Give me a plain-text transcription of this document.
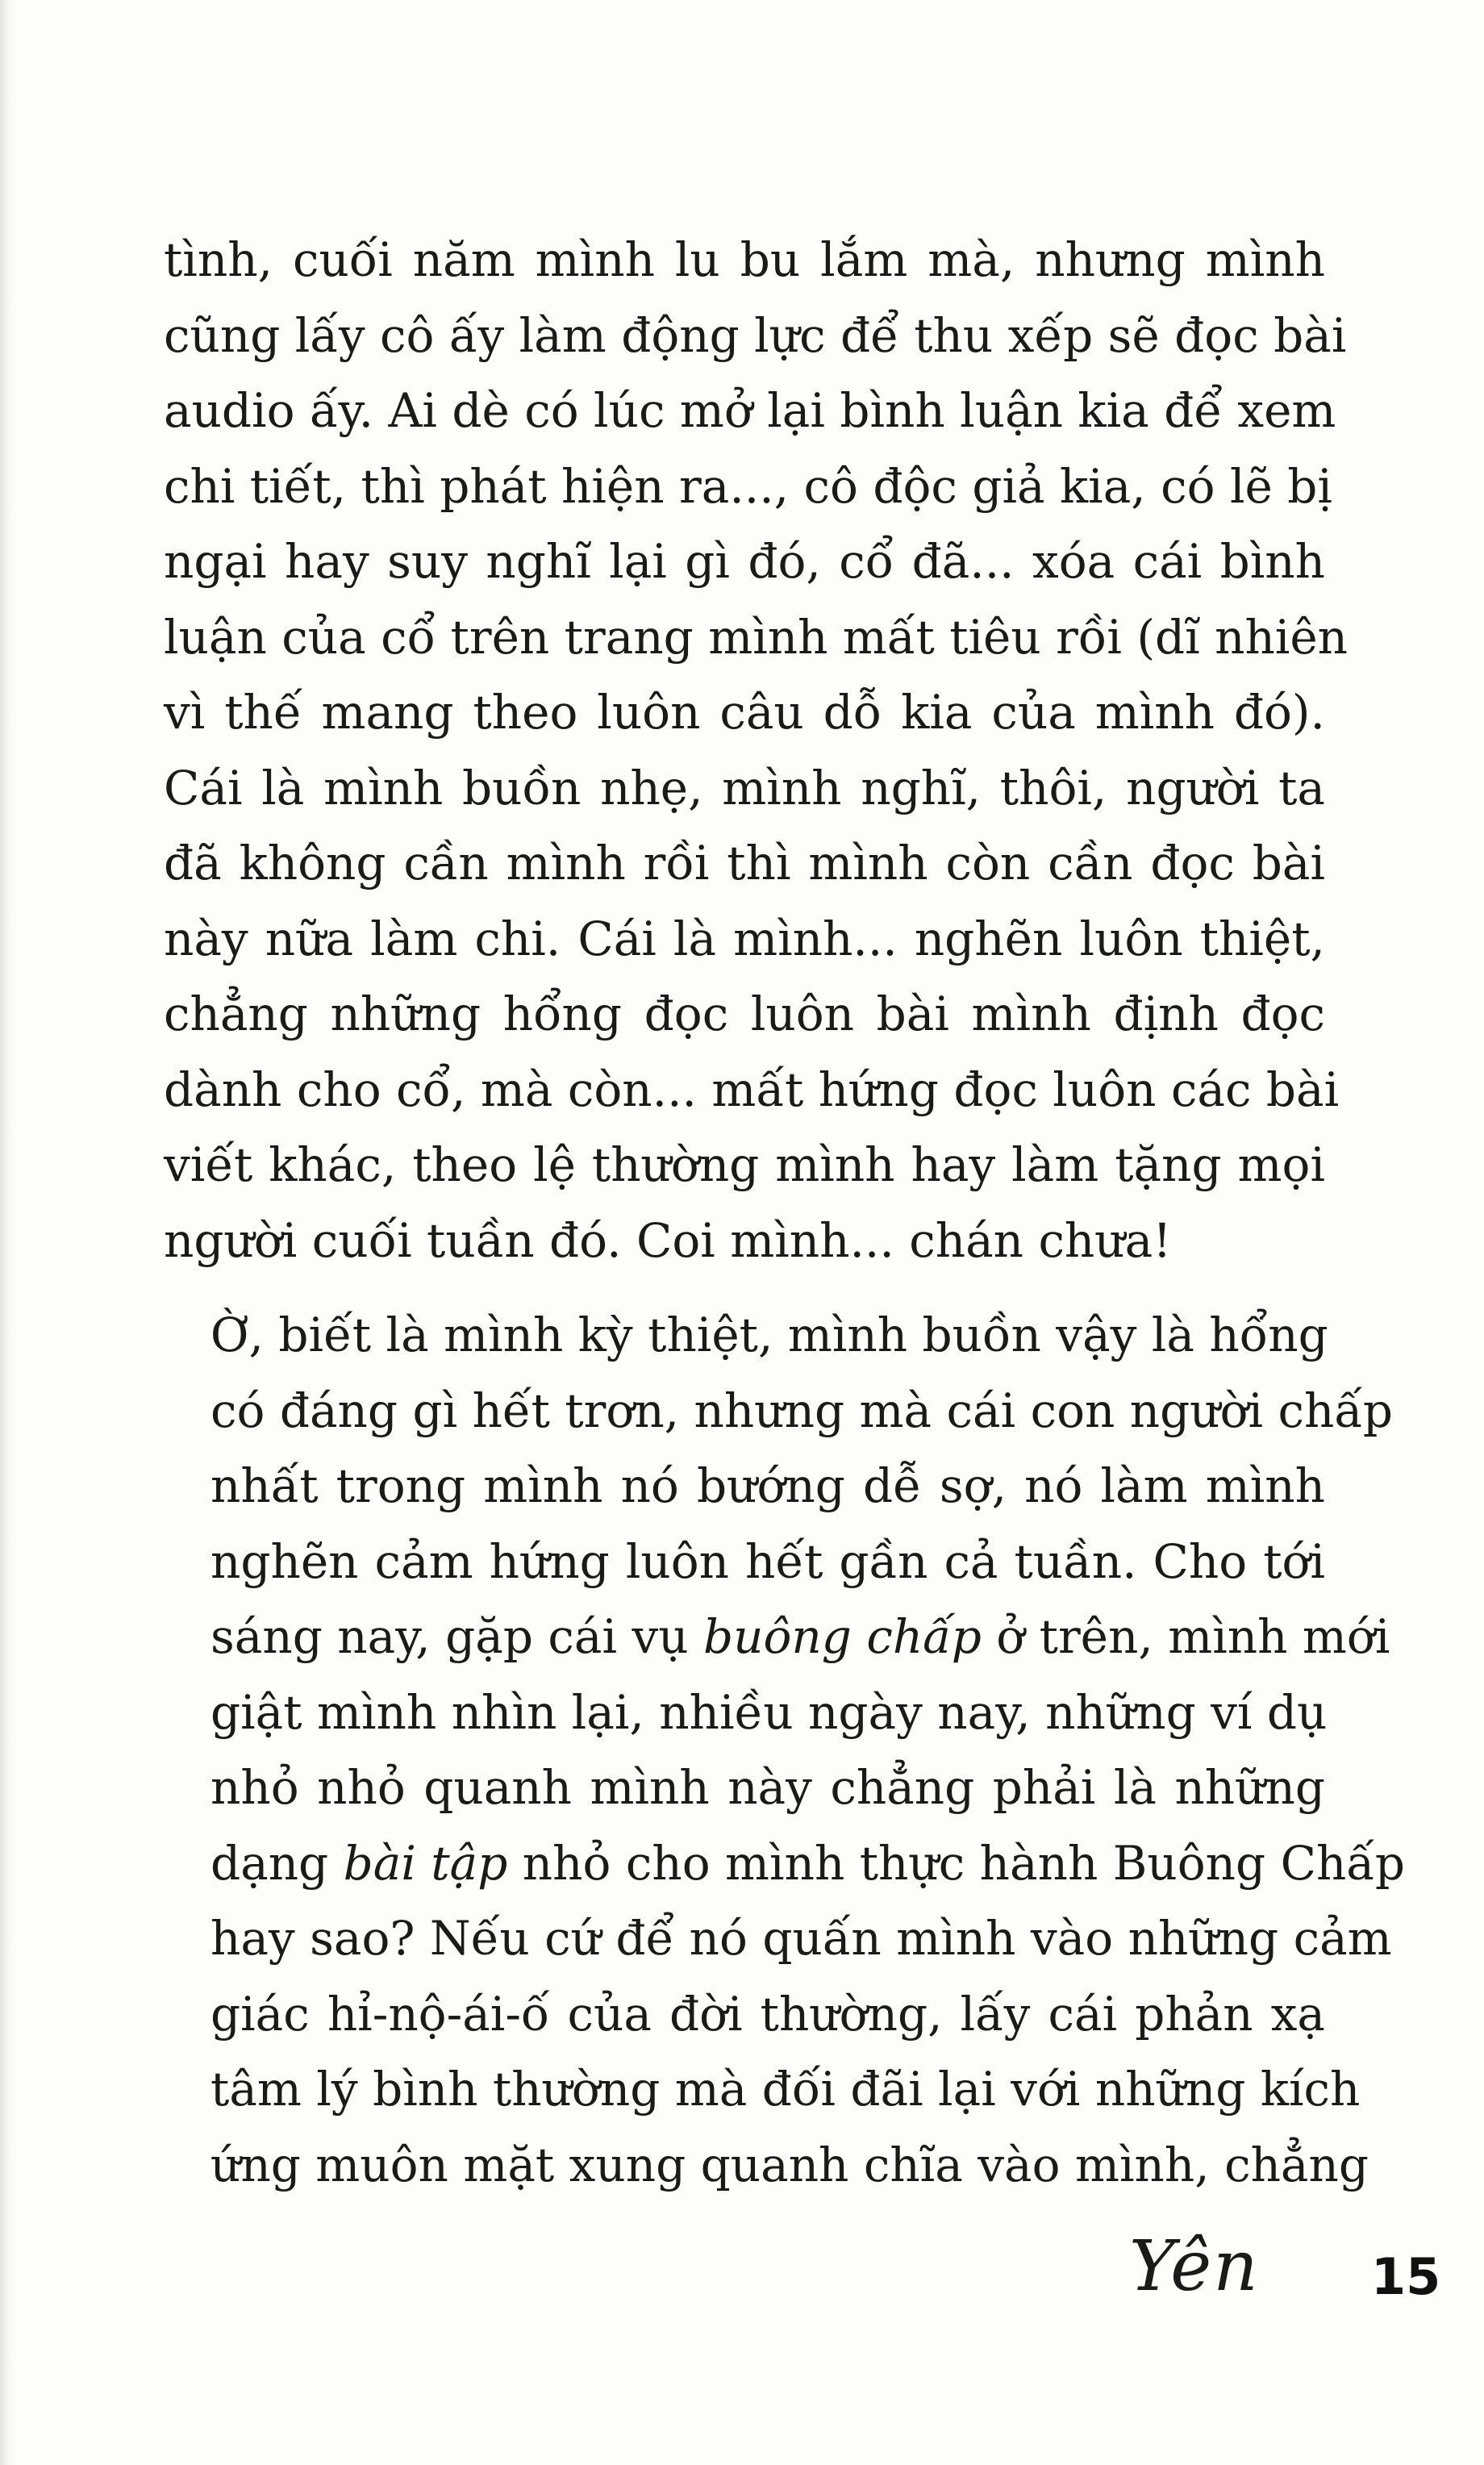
tình, cuối năm mình lu bu lắm mà, nhưng mình
cũng lấy cô ấy làm động lực để thu xếp sẽ đọc bài
audio ấy. Ai dè có lúc mở lại bình luận kia để xem
chi tiết, thì phát hiện ra..., cô độc giả kia, có lẽ bị
ngại hay suy nghĩ lại gì đó, cổ đã... xóa cái bình
luận của cổ trên trang mình mất tiêu rồi (dĩ nhiên
vì thế mang theo luôn câu dỗ kia của mình đó).
Cái là mình buồn nhẹ, mình nghĩ, thôi, người ta
đã không cần mình rồi thì mình còn cần đọc bài
này nữa làm chi. Cái là mình... nghẽn luôn thiệt,
chẳng những hổng đọc luôn bài mình định đọc
dành cho cổ, mà còn... mất hứng đọc luôn các bài
viết khác, theo lệ thường mình hay làm tặng mọi
người cuối tuần đó. Coi mình... chán chưa!

Ờ, biết là mình kỳ thiệt, mình buồn vậy là hổng
có đáng gì hết trơn, nhưng mà cái con người chấp
nhất trong mình nó bướng dễ sợ, nó làm mình
nghẽn cảm hứng luôn hết gần cả tuần. Cho tới
sáng nay, gặp cái vụ buông chấp ở trên, mình mới
giật mình nhìn lại, nhiều ngày nay, những ví dụ
nhỏ nhỏ quanh mình này chẳng phải là những
dạng bài tập nhỏ cho mình thực hành Buông Chấp
hay sao? Nếu cứ để nó quấn mình vào những cảm
giác hỉ-nộ-ái-ố của đời thường, lấy cái phản xạ
tâm lý bình thường mà đối đãi lại với những kích
ứng muôn mặt xung quanh chĩa vào mình, chẳng

Yên 15
